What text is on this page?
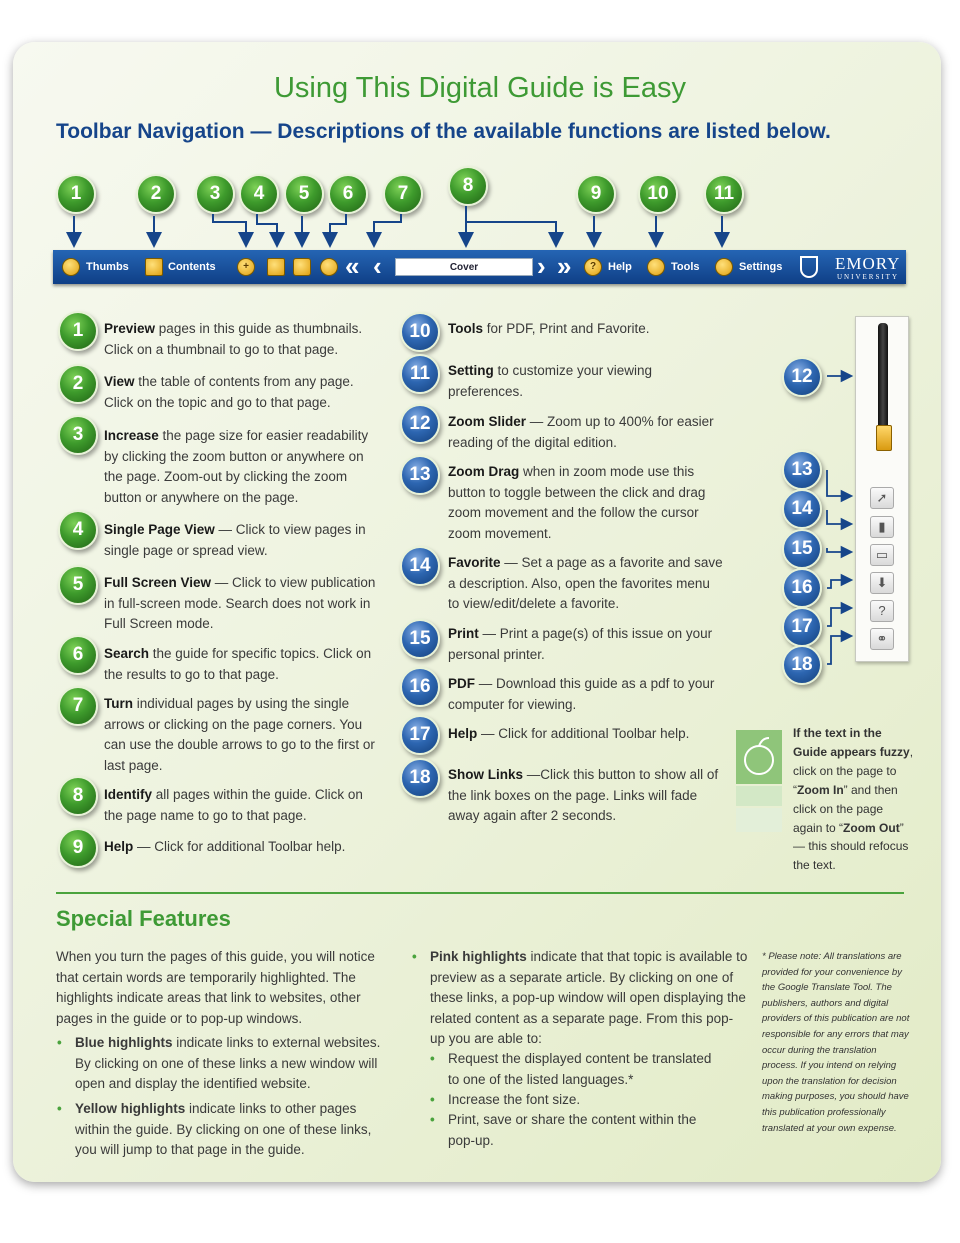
Using This Digital Guide is Easy
Toolbar Navigation — Descriptions of the available functions are listed below.
1	2	3	4	5	6	7	8	9	10	11
Thumbs	Contents	+	« ‹	Cover	› »	?	Help	Tools	Settings	EMORY
UNIVERSITY
1	Preview pages in this guide as thumbnails. Click on a thumbnail to go to that page.
2	View the table of contents from any page. Click on the topic and go to that page.
3	Increase the page size for easier readability by clicking the zoom button or anywhere on the page. Zoom-out by clicking the zoom button or anywhere on the page.
4	Single Page View — Click to view pages in single page or spread view.
5	Full Screen View — Click to view publication in full-screen mode. Search does not work in Full Screen mode.
6	Search the guide for specific topics. Click on the results to go to that page.
7	Turn individual pages by using the single arrows or clicking on the page corners. You can use the double arrows to go to the first or last page.
8	Identify all pages within the guide. Click on the page name to go to that page.
9	Help — Click for additional Toolbar help.
10	Tools for PDF, Print and Favorite.
11	Setting to customize your viewing preferences.
12	Zoom Slider — Zoom up to 400% for easier reading of the digital edition.
13	Zoom Drag when in zoom mode use this button to toggle between the click and drag zoom movement and the follow the cursor zoom movement.
14	Favorite — Set a page as a favorite and save a description. Also, open the favorites menu to view/edit/delete a favorite.
15	Print — Print a page(s) of this issue on your personal printer.
16	PDF — Download this guide as a pdf to your computer for viewing.
17	Help — Click for additional Toolbar help.
18	Show Links —Click this button to show all of the link boxes on the page. Links will fade away again after 2 seconds.
➚
▮
▭
⬇
?
⚭
12
13
14
15
16
17
18
If the text in the Guide appears fuzzy, click on the page to “Zoom In” and then click on the page again to “Zoom Out” — this should refocus the text.
Special Features
When you turn the pages of this guide, you will notice that certain words are temporarily highlighted. The highlights indicate areas that link to websites, other pages in the guide or to pop-up windows.
• Blue highlights indicate links to external websites. By clicking on one of these links a new window will open and display the identified website.
• Yellow highlights indicate links to other pages within the guide. By clicking on one of these links, you will jump to that page in the guide.
• Pink highlights indicate that that topic is available to preview as a separate article. By clicking on one of these links, a pop-up window will open displaying the related content as a separate page. From this pop-up you are able to:
• Request the displayed content be translated to one of the listed languages.*
• Increase the font size.
• Print, save or share the content within the pop-up.
* Please note: All translations are provided for your convenience by the Google Translate Tool. The publishers, authors and digital providers of this publication are not responsible for any errors that may occur during the translation process. If you intend on relying upon the translation for decision making purposes, you should have this publication professionally translated at your own expense.
